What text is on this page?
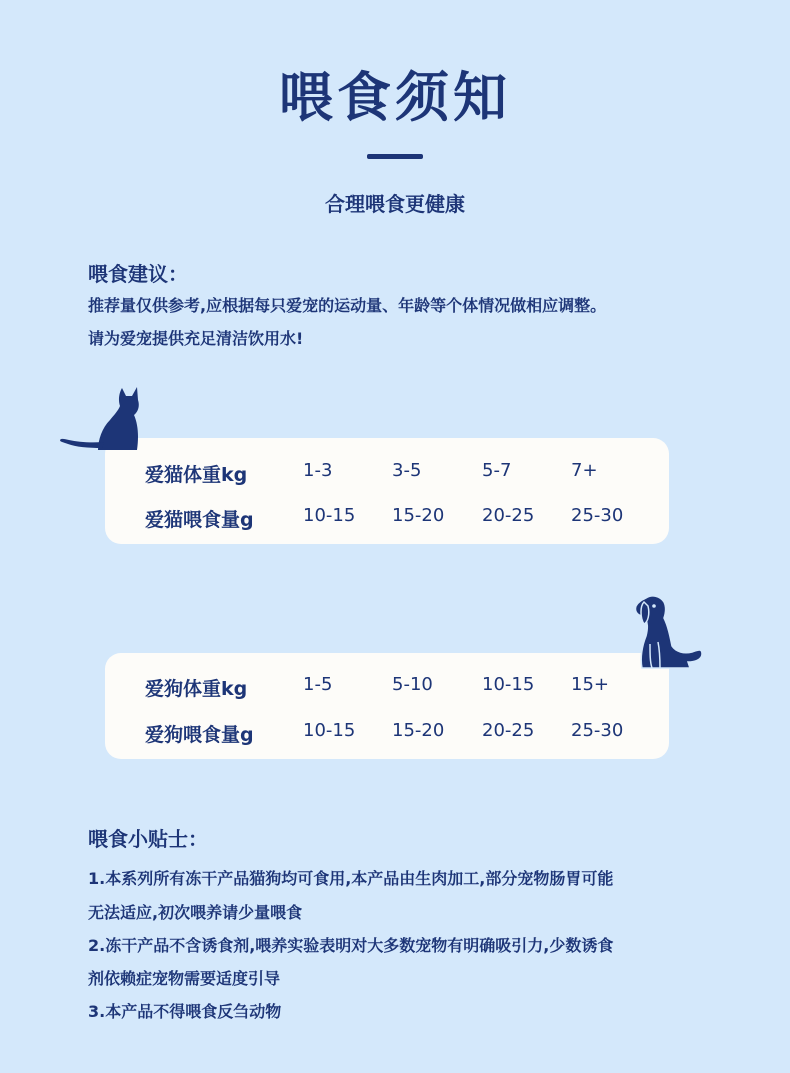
喂食须知
合理喂食更健康
喂食建议：
推荐量仅供参考,应根据每只爱宠的运动量、年龄等个体情况做相应调整。
请为爱宠提供充足清洁饮用水!
爱猫体重kg	1-3	3-5	5-7	7+
爱猫喂食量g	10-15 15-20 20-25 25-30
爱狗体重kg	1-5	5-10	10-15 15+
爱狗喂食量g	10-15 15-20 20-25 25-30
喂食小贴士：
1.本系列所有冻干产品猫狗均可食用,本产品由生肉加工,部分宠物肠胃可能
无法适应,初次喂养请少量喂食
2.冻干产品不含诱食剂,喂养实验表明对大多数宠物有明确吸引力,少数诱食
剂依赖症宠物需要适度引导
3.本产品不得喂食反刍动物
